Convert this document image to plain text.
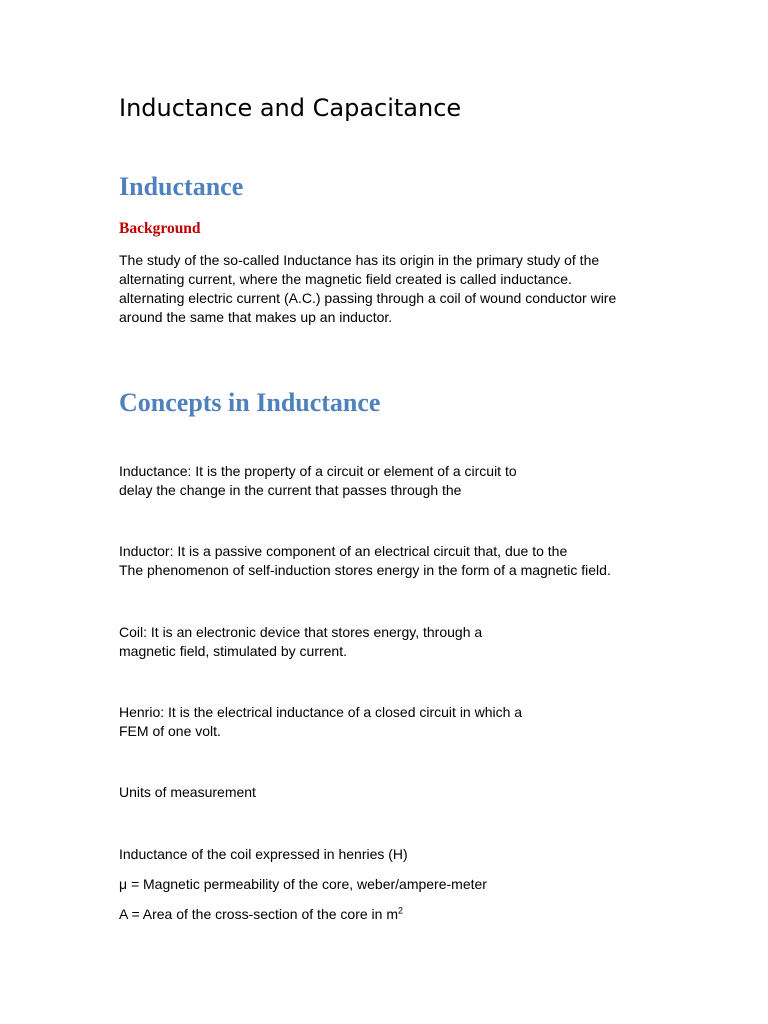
Inductance and Capacitance
Inductance
Background

The study of the so-called Inductance has its origin in the primary study of the
alternating current, where the magnetic field created is called inductance.
alternating electric current (A.C.) passing through a coil of wound conductor wire
around the same that makes up an inductor.

Concepts in Inductance

Inductance: It is the property of a circuit or element of a circuit to
delay the change in the current that passes through the

Inductor: It is a passive component of an electrical circuit that, due to the
The phenomenon of self-induction stores energy in the form of a magnetic field.

Coil: It is an electronic device that stores energy, through a
magnetic field, stimulated by current.

Henrio: It is the electrical inductance of a closed circuit in which a
FEM of one volt.

Units of measurement

Inductance of the coil expressed in henries (H)

μ = Magnetic permeability of the core, weber/ampere-meter

A = Area of the cross-section of the core in $m^2$
